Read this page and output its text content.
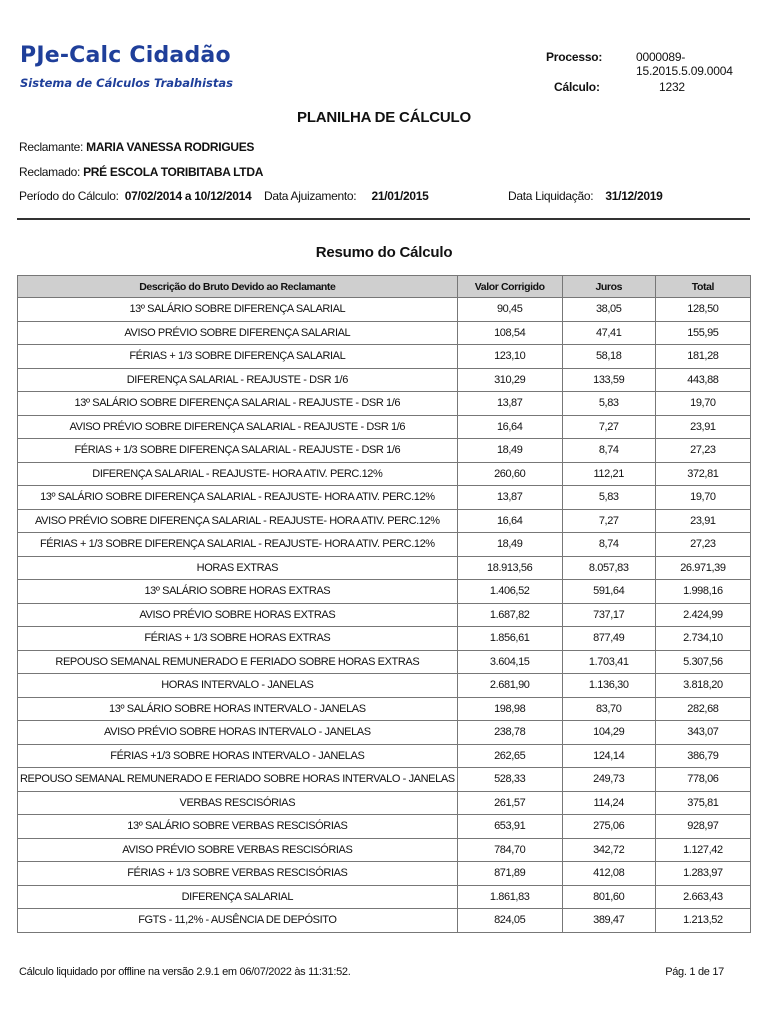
PJe-Calc Cidadão
Sistema de Cálculos Trabalhistas
Processo:	0000089-15.2015.5.09.0004
Cálculo:	1232
PLANILHA DE CÁLCULO
Reclamante: MARIA VANESSA RODRIGUES
Reclamado: PRÉ ESCOLA TORIBITABA LTDA
Período do Cálculo: 07/02/2014 a 10/12/2014 Data Ajuizamento: 21/01/2015	Data Liquidação: 31/12/2019
Resumo do Cálculo
Descrição do Bruto Devido ao Reclamante	Valor Corrigido	Juros	Total
13º SALÁRIO SOBRE DIFERENÇA SALARIAL	90,45	38,05	128,50
AVISO PRÉVIO SOBRE DIFERENÇA SALARIAL	108,54	47,41	155,95
FÉRIAS + 1/3 SOBRE DIFERENÇA SALARIAL	123,10	58,18	181,28
DIFERENÇA SALARIAL - REAJUSTE - DSR 1/6	310,29	133,59	443,88
13º SALÁRIO SOBRE DIFERENÇA SALARIAL - REAJUSTE - DSR 1/6	13,87	5,83	19,70
AVISO PRÉVIO SOBRE DIFERENÇA SALARIAL - REAJUSTE - DSR 1/6	16,64	7,27	23,91
FÉRIAS + 1/3 SOBRE DIFERENÇA SALARIAL - REAJUSTE - DSR 1/6	18,49	8,74	27,23
DIFERENÇA SALARIAL - REAJUSTE- HORA ATIV. PERC.12%	260,60	112,21	372,81
13º SALÁRIO SOBRE DIFERENÇA SALARIAL - REAJUSTE- HORA ATIV. PERC.12%	13,87	5,83	19,70
AVISO PRÉVIO SOBRE DIFERENÇA SALARIAL - REAJUSTE- HORA ATIV. PERC.12%	16,64	7,27	23,91
FÉRIAS + 1/3 SOBRE DIFERENÇA SALARIAL - REAJUSTE- HORA ATIV. PERC.12%	18,49	8,74	27,23
HORAS EXTRAS	18.913,56	8.057,83	26.971,39
13º SALÁRIO SOBRE HORAS EXTRAS	1.406,52	591,64	1.998,16
AVISO PRÉVIO SOBRE HORAS EXTRAS	1.687,82	737,17	2.424,99
FÉRIAS + 1/3 SOBRE HORAS EXTRAS	1.856,61	877,49	2.734,10
REPOUSO SEMANAL REMUNERADO E FERIADO SOBRE HORAS EXTRAS	3.604,15	1.703,41	5.307,56
HORAS INTERVALO - JANELAS	2.681,90	1.136,30	3.818,20
13º SALÁRIO SOBRE HORAS INTERVALO - JANELAS	198,98	83,70	282,68
AVISO PRÉVIO SOBRE HORAS INTERVALO - JANELAS	238,78	104,29	343,07
FÉRIAS +1/3 SOBRE HORAS INTERVALO - JANELAS	262,65	124,14	386,79
REPOUSO SEMANAL REMUNERADO E FERIADO SOBRE HORAS INTERVALO - JANELAS	528,33	249,73	778,06
VERBAS RESCISÓRIAS	261,57	114,24	375,81
13º SALÁRIO SOBRE VERBAS RESCISÓRIAS	653,91	275,06	928,97
AVISO PRÉVIO SOBRE VERBAS RESCISÓRIAS	784,70	342,72	1.127,42
FÉRIAS + 1/3 SOBRE VERBAS RESCISÓRIAS	871,89	412,08	1.283,97
DIFERENÇA SALARIAL	1.861,83	801,60	2.663,43
FGTS - 11,2% - AUSÊNCIA DE DEPÓSITO	824,05	389,47	1.213,52
Cálculo liquidado por offline na versão 2.9.1 em 06/07/2022 às 11:31:52.	Pág. 1 de 17
